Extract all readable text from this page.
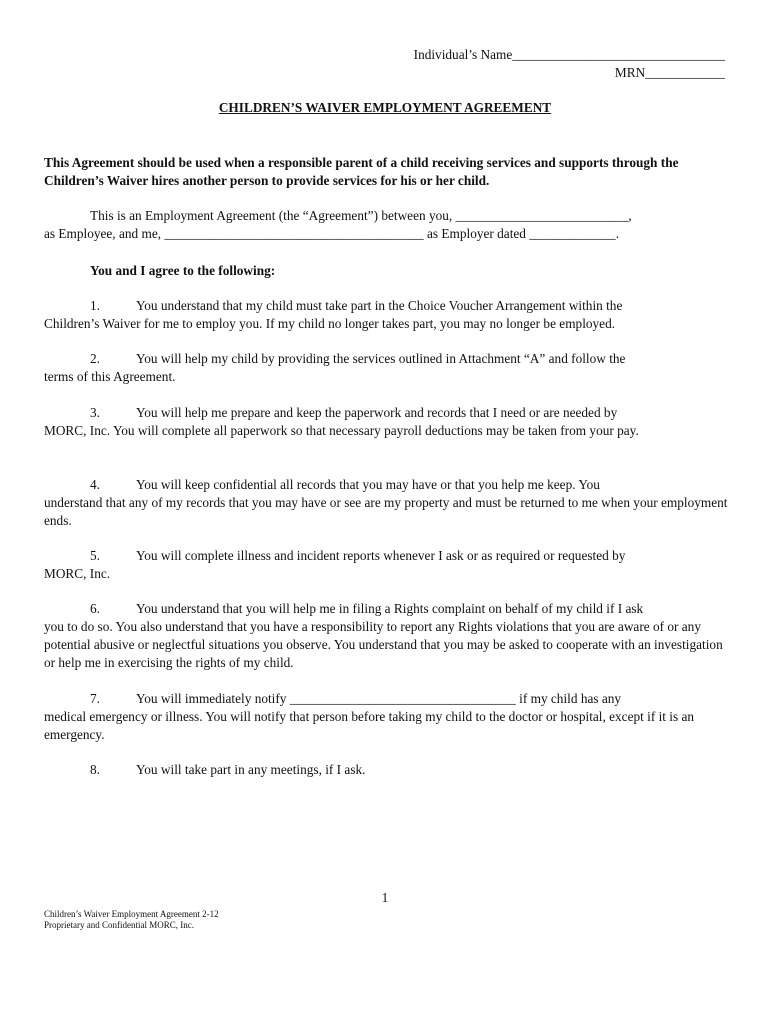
Individual’s Name________________________________
MRN____________
CHILDREN’S WAIVER EMPLOYMENT AGREEMENT
This Agreement should be used when a responsible parent of a child receiving services and supports through the Children’s Waiver hires another person to provide services for his or her child.
This is an Employment Agreement (the “Agreement”) between you, __________________________,
as Employee, and me, _______________________________________ as Employer dated _____________.
You and I agree to the following:
1.	You understand that my child must take part in the Choice Voucher Arrangement within the
Children’s Waiver for me to employ you. If my child no longer takes part, you may no longer be employed.
2.	You will help my child by providing the services outlined in Attachment “A” and follow the
terms of this Agreement.
3.	You will help me prepare and keep the paperwork and records that I need or are needed by
MORC, Inc. You will complete all paperwork so that necessary payroll deductions may be taken from your pay.
4.	You will keep confidential all records that you may have or that you help me keep. You
understand that any of my records that you may have or see are my property and must be returned to me when your employment ends.
5.	You will complete illness and incident reports whenever I ask or as required or requested by
MORC, Inc.
6.	You understand that you will help me in filing a Rights complaint on behalf of my child if I ask
you to do so. You also understand that you have a responsibility to report any Rights violations that you are aware of or any potential abusive or neglectful situations you observe. You understand that you may be asked to cooperate with an investigation or help me in exercising the rights of my child.
7.	You will immediately notify __________________________________ if my child has any
medical emergency or illness. You will notify that person before taking my child to the doctor or hospital, except if it is an emergency.
8.	You will take part in any meetings, if I ask.
1
Children’s Waiver Employment Agreement 2-12
Proprietary and Confidential MORC, Inc.
